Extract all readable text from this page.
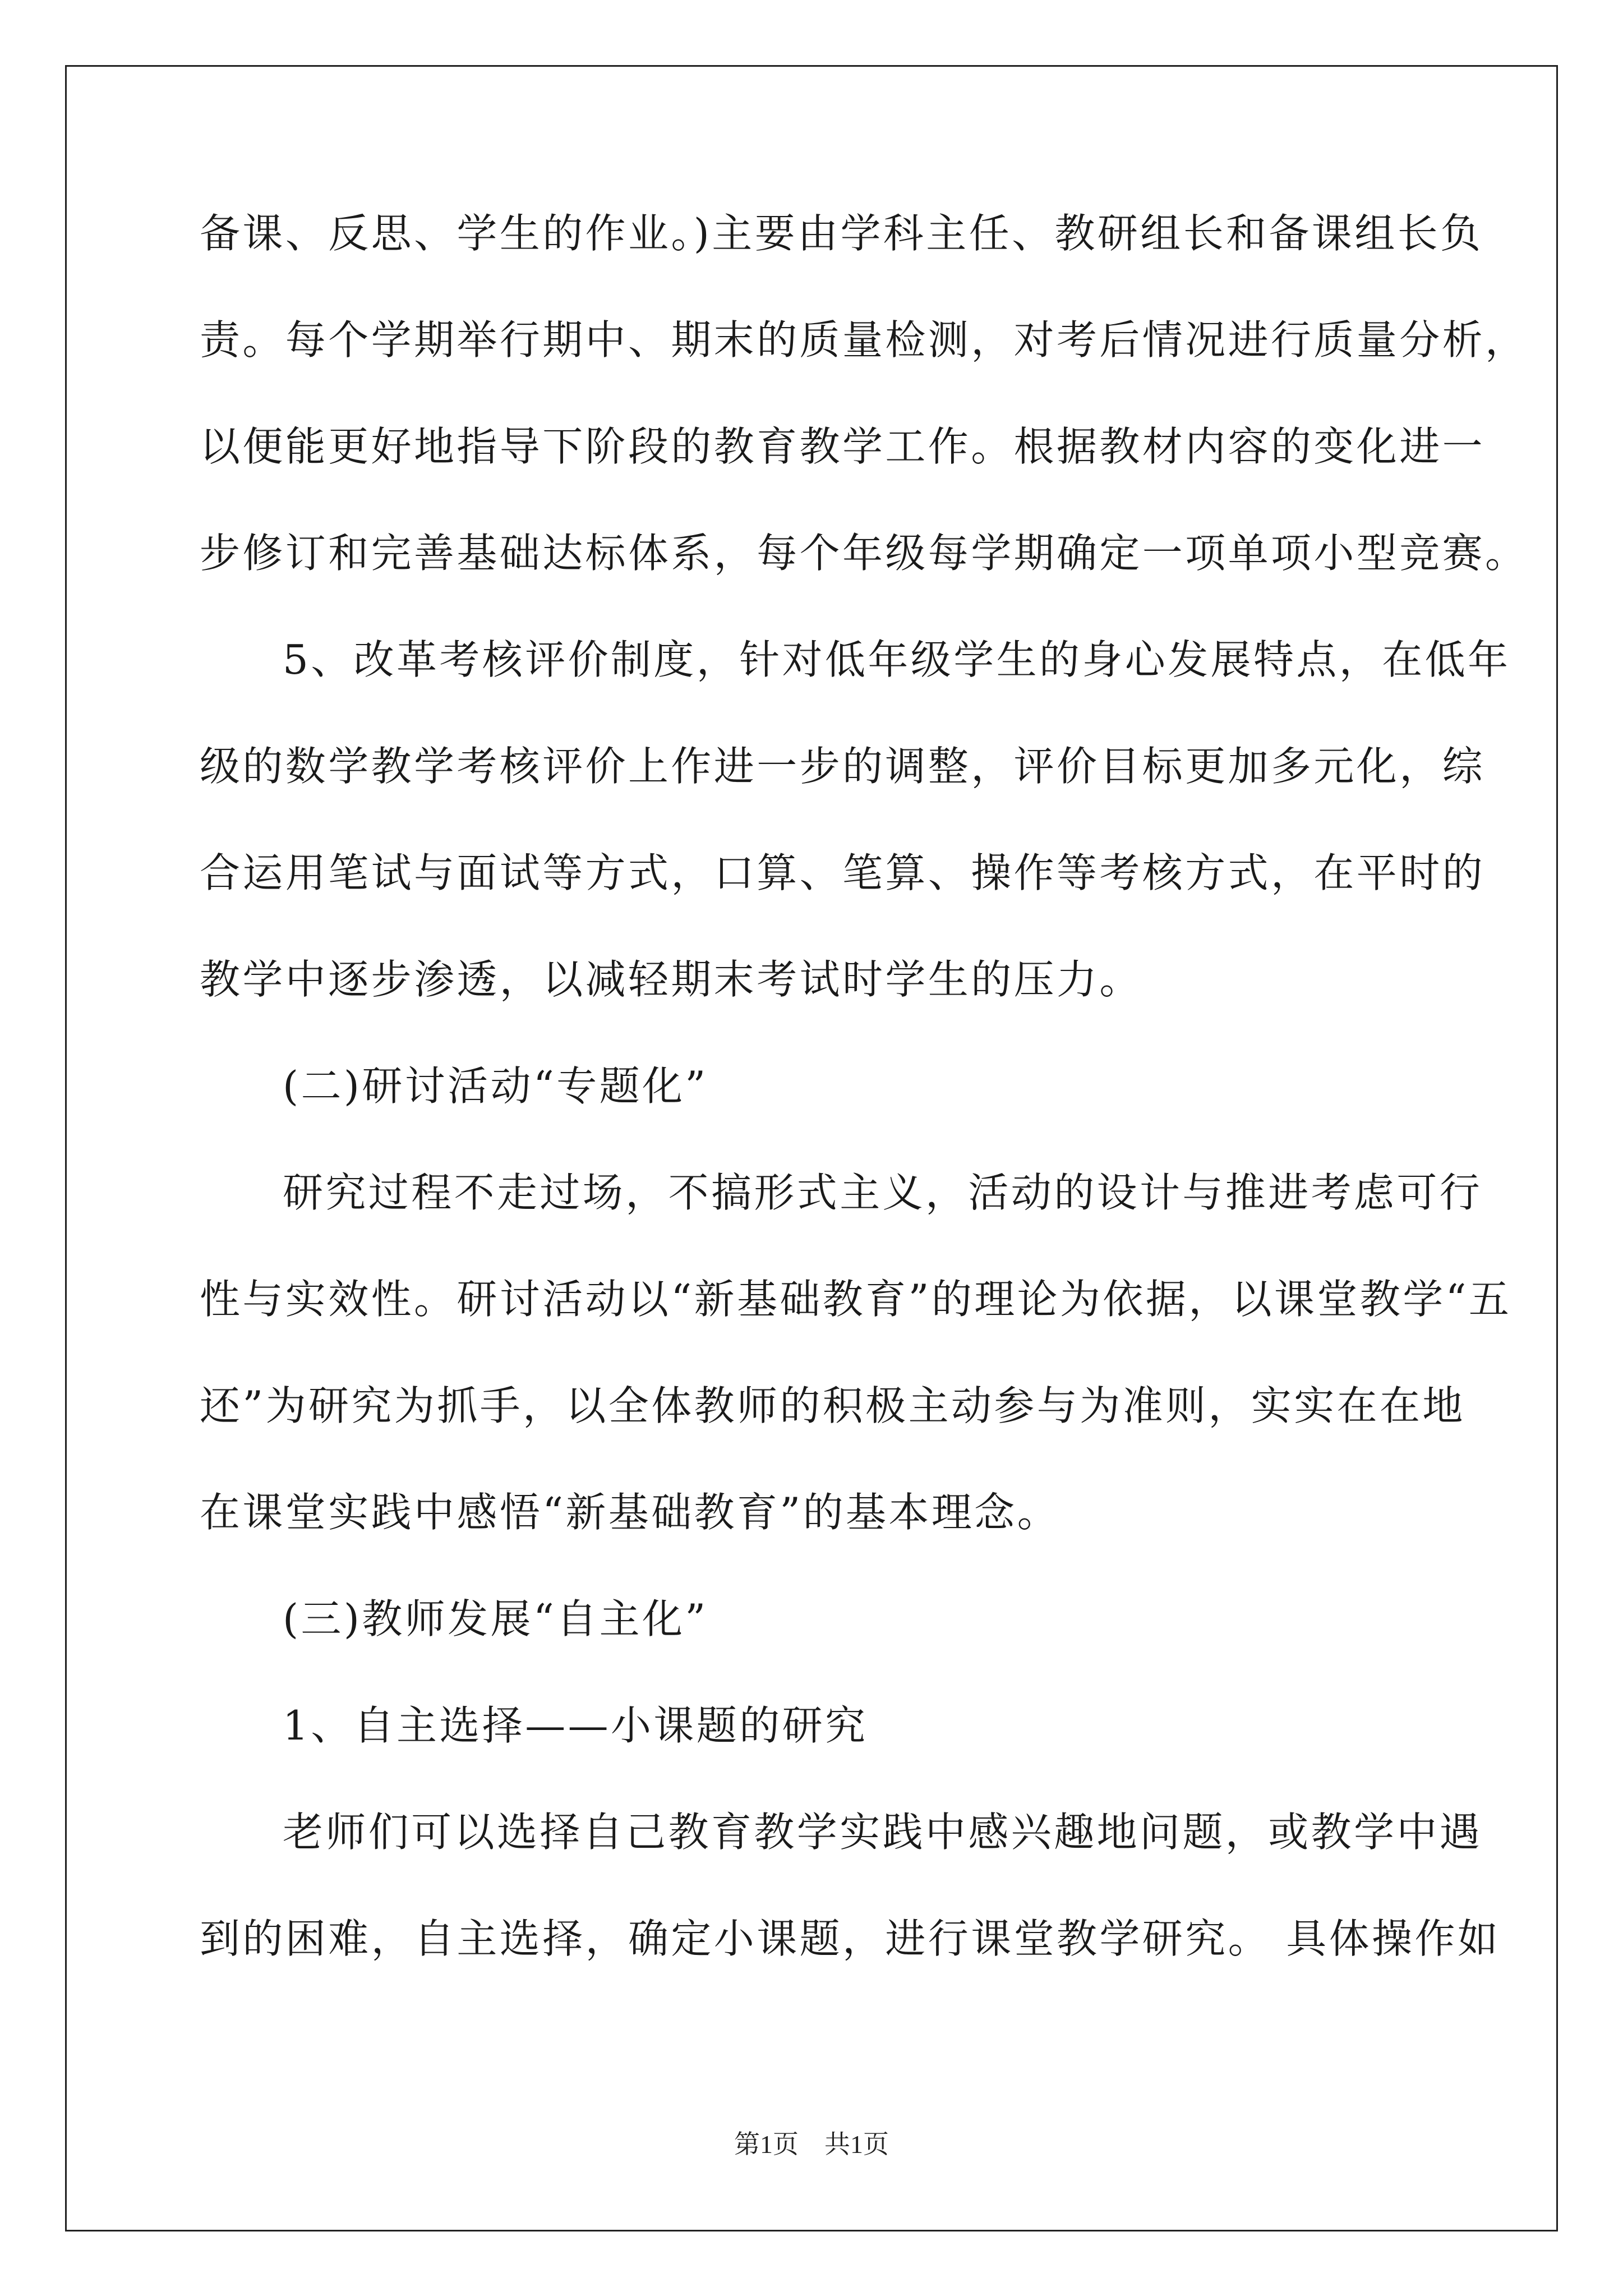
备课、反思、学生的作业。)主要由学科主任、教研组长和备课组长负
责。每个学期举行期中、期末的质量检测，对考后情况进行质量分析，
以便能更好地指导下阶段的教育教学工作。根据教材内容的变化进一
步修订和完善基础达标体系，每个年级每学期确定一项单项小型竞赛。
5、改革考核评价制度，针对低年级学生的身心发展特点，在低年
级的数学教学考核评价上作进一步的调整，评价目标更加多元化，综
合运用笔试与面试等方式，口算、笔算、操作等考核方式，在平时的
教学中逐步渗透，以减轻期末考试时学生的压力。
(二)研讨活动“专题化”
研究过程不走过场，不搞形式主义，活动的设计与推进考虑可行
性与实效性。研讨活动以“新基础教育”的理论为依据，以课堂教学“五
还”为研究为抓手，以全体教师的积极主动参与为准则，实实在在地
在课堂实践中感悟“新基础教育”的基本理念。
(三)教师发展“自主化”
1、自主选择——小课题的研究
老师们可以选择自己教育教学实践中感兴趣地问题，或教学中遇
到的困难，自主选择，确定小课题，进行课堂教学研究。 具体操作如
第1页 共1页
